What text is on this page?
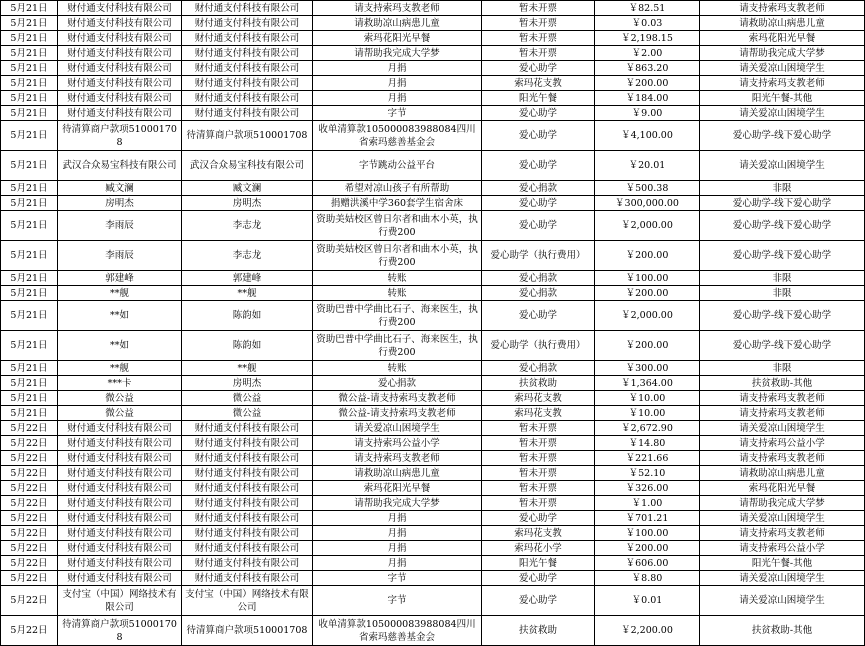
5月21日	财付通支付科技有限公司	财付通支付科技有限公司	请支持索玛支教老师	暂未开票	￥82.51	请支持索玛支教老师
5月21日	财付通支付科技有限公司	财付通支付科技有限公司	请救助凉山病患儿童	暂未开票	￥0.03	请救助凉山病患儿童
5月21日	财付通支付科技有限公司	财付通支付科技有限公司	索玛花阳光早餐	暂未开票	￥2,198.15	索玛花阳光早餐
5月21日	财付通支付科技有限公司	财付通支付科技有限公司	请帮助我完成大学梦	暂未开票	￥2.00	请帮助我完成大学梦
5月21日	财付通支付科技有限公司	财付通支付科技有限公司	月捐	爱心助学	￥863.20	请关爱凉山困境学生
5月21日	财付通支付科技有限公司	财付通支付科技有限公司	月捐	索玛花支教	￥200.00	请支持索玛支教老师
5月21日	财付通支付科技有限公司	财付通支付科技有限公司	月捐	阳光午餐	￥184.00	阳光午餐-其他
5月21日	财付通支付科技有限公司	财付通支付科技有限公司	字节	爱心助学	￥9.00	请关爱凉山困境学生
5月21日	待清算商户款项510001708	待清算商户款项510001708	收单清算款105000083988084四川省索玛慈善基金会	爱心助学	￥4,100.00	爱心助学-线下爱心助学
5月21日	武汉合众易宝科技有限公司	武汉合众易宝科技有限公司	字节跳动公益平台	爱心助学	￥20.01	请关爱凉山困境学生
5月21日	臧文澜	臧文澜	希望对凉山孩子有所帮助	爱心捐款	￥500.38	非限
5月21日	房明杰	房明杰	捐赠洪溪中学360套学生宿舍床	爱心助学	￥300,000.00	爱心助学-线下爱心助学
5月21日	李雨辰	李志龙	资助美姑校区曾日尔者和曲木小英，执行费200	爱心助学	￥2,000.00	爱心助学-线下爱心助学
5月21日	李雨辰	李志龙	资助美姑校区曾日尔者和曲木小英，执行费200	爱心助学（执行费用）	￥200.00	爱心助学-线下爱心助学
5月21日	郭建峰	郭建峰	转账	爱心捐款	￥100.00	非限
5月21日	**舰	**舰	转账	爱心捐款	￥200.00	非限
5月21日	**如	陈韵如	资助巴普中学曲比石子、海来医生，执行费200	爱心助学	￥2,000.00	爱心助学-线下爱心助学
5月21日	**如	陈韵如	资助巴普中学曲比石子、海来医生，执行费200	爱心助学（执行费用）	￥200.00	爱心助学-线下爱心助学
5月21日	**舰	**舰	转账	爱心捐款	￥300.00	非限
5月21日	***卡	房明杰	爱心捐款	扶贫救助	￥1,364.00	扶贫救助-其他
5月21日	微公益	微公益	微公益-请支持索玛支教老师	索玛花支教	￥10.00	请支持索玛支教老师
5月21日	微公益	微公益	微公益-请支持索玛支教老师	索玛花支教	￥10.00	请支持索玛支教老师
5月22日	财付通支付科技有限公司	财付通支付科技有限公司	请关爱凉山困境学生	暂未开票	￥2,672.90	请关爱凉山困境学生
5月22日	财付通支付科技有限公司	财付通支付科技有限公司	请支持索玛公益小学	暂未开票	￥14.80	请支持索玛公益小学
5月22日	财付通支付科技有限公司	财付通支付科技有限公司	请支持索玛支教老师	暂未开票	￥221.66	请支持索玛支教老师
5月22日	财付通支付科技有限公司	财付通支付科技有限公司	请救助凉山病患儿童	暂未开票	￥52.10	请救助凉山病患儿童
5月22日	财付通支付科技有限公司	财付通支付科技有限公司	索玛花阳光早餐	暂未开票	￥326.00	索玛花阳光早餐
5月22日	财付通支付科技有限公司	财付通支付科技有限公司	请帮助我完成大学梦	暂未开票	￥1.00	请帮助我完成大学梦
5月22日	财付通支付科技有限公司	财付通支付科技有限公司	月捐	爱心助学	￥701.21	请关爱凉山困境学生
5月22日	财付通支付科技有限公司	财付通支付科技有限公司	月捐	索玛花支教	￥100.00	请支持索玛支教老师
5月22日	财付通支付科技有限公司	财付通支付科技有限公司	月捐	索玛花小学	￥200.00	请支持索玛公益小学
5月22日	财付通支付科技有限公司	财付通支付科技有限公司	月捐	阳光午餐	￥606.00	阳光午餐-其他
5月22日	财付通支付科技有限公司	财付通支付科技有限公司	字节	爱心助学	￥8.80	请关爱凉山困境学生
5月22日	支付宝（中国）网络技术有限公司	支付宝（中国）网络技术有限公司	字节	爱心助学	￥0.01	请关爱凉山困境学生
5月22日	待清算商户款项510001708	待清算商户款项510001708	收单清算款105000083988084四川省索玛慈善基金会	扶贫救助	￥2,200.00	扶贫救助-其他
